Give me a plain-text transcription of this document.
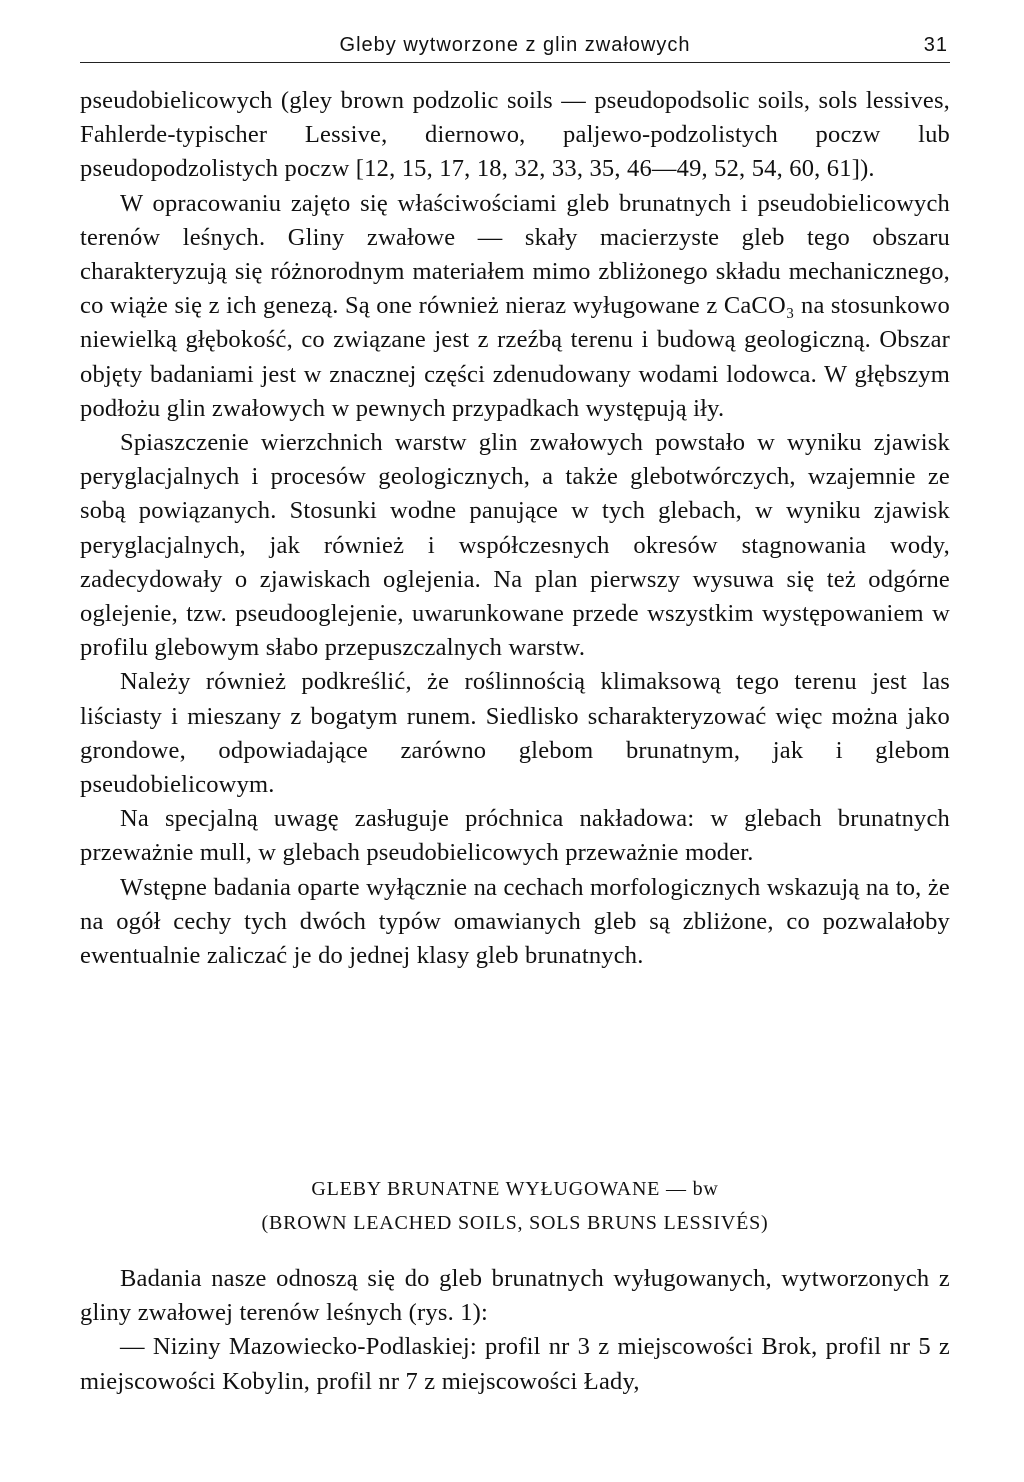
Gleby wytworzone z glin zwałowych	31

pseudobielicowych (gley brown podzolic soils — pseudopodsolic soils, sols lessives, Fahlerde-typischer Lessive, diernowo, paljewo-podzolistych poczw lub pseudopodzolistych poczw [12, 15, 17, 18, 32, 33, 35, 46—49, 52, 54, 60, 61]).

W opracowaniu zajęto się właściwościami gleb brunatnych i pseudobielicowych terenów leśnych. Gliny zwałowe — skały macierzyste gleb tego obszaru charakteryzują się różnorodnym materiałem mimo zbliżonego składu mechanicznego, co wiąże się z ich genezą. Są one również nieraz wyługowane z CaCO₃ na stosunkowo niewielką głębokość, co związane jest z rzeźbą terenu i budową geologiczną. Obszar objęty badaniami jest w znacznej części zdenudowany wodami lodowca. W głębszym podłożu glin zwałowych w pewnych przypadkach występują iły.

Spiaszczenie wierzchnich warstw glin zwałowych powstało w wyniku zjawisk peryglacjalnych i procesów geologicznych, a także glebotwórczych, wzajemnie ze sobą powiązanych. Stosunki wodne panujące w tych glebach, w wyniku zjawisk peryglacjalnych, jak również i współczesnych okresów stagnowania wody, zadecydowały o zjawiskach oglejenia. Na plan pierwszy wysuwa się też odgórne oglejenie, tzw. pseudooglejenie, uwarunkowane przede wszystkim występowaniem w profilu glebowym słabo przepuszczalnych warstw.

Należy również podkreślić, że roślinnością klimaksową tego terenu jest las liściasty i mieszany z bogatym runem. Siedlisko scharakteryzować więc można jako grondowe, odpowiadające zarówno glebom brunatnym, jak i glebom pseudobielicowym.

Na specjalną uwagę zasługuje próchnica nakładowa: w glebach brunatnych przeważnie mull, w glebach pseudobielicowych przeważnie moder.

Wstępne badania oparte wyłącznie na cechach morfologicznych wskazują na to, że na ogół cechy tych dwóch typów omawianych gleb są zbliżone, co pozwalałoby ewentualnie zaliczać je do jednej klasy gleb brunatnych.

GLEBY BRUNATNE WYŁUGOWANE — bw
(BROWN LEACHED SOILS, SOLS BRUNS LESSIVÉS)

Badania nasze odnoszą się do gleb brunatnych wyługowanych, wytworzonych z gliny zwałowej terenów leśnych (rys. 1):

— Niziny Mazowiecko-Podlaskiej: profil nr 3 z miejscowości Brok, profil nr 5 z miejscowości Kobylin, profil nr 7 z miejscowości Łady,
